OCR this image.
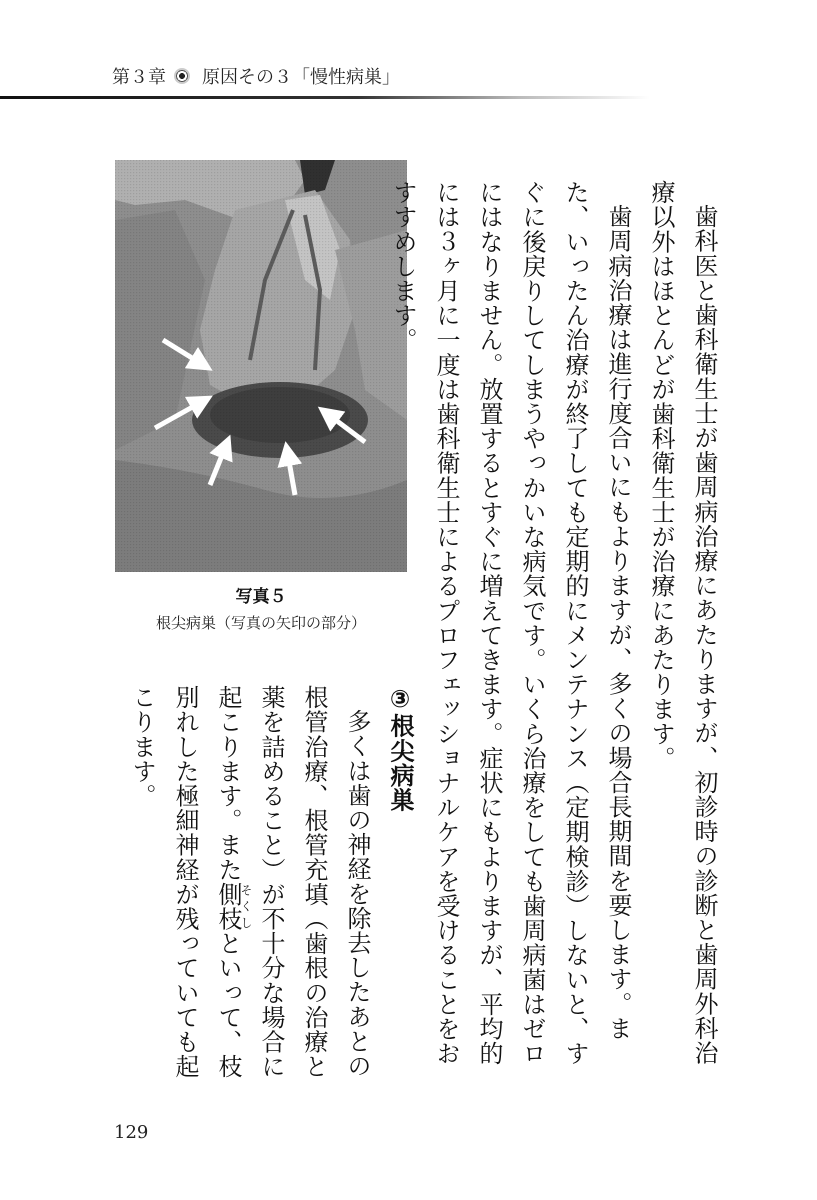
第３章 原因その３「慢性病巣」
写真５
根尖病巣（写真の矢印の部分）	歯科医と歯科衛生士が歯周病治療にあたりますが、初診時の診断と歯周外科治療以外はほとんどが歯科衛生士が治療にあたります。

歯周病治療は進行度合いにもよりますが、多くの場合長期間を要します。また、いったん治療が終了しても定期的にメンテナンス（定期検診）しないと、すぐに後戻りしてしまうやっかいな病気です。いくら治療をしても歯周病菌はゼロにはなりません。放置するとすぐに増えてきます。症状にもよりますが、平均的には３ヶ月に一度は歯科衛生士によるプロフェッショナルケアを受けることをおすすめします。

③根尖病巣

多くは歯の神経を除去したあとの根管治療、根管充填（歯根の治療と薬を詰めること）が不十分な場合に起こります。また側枝そくしといって、枝別れした極細神経が残っていても起こります。

129
